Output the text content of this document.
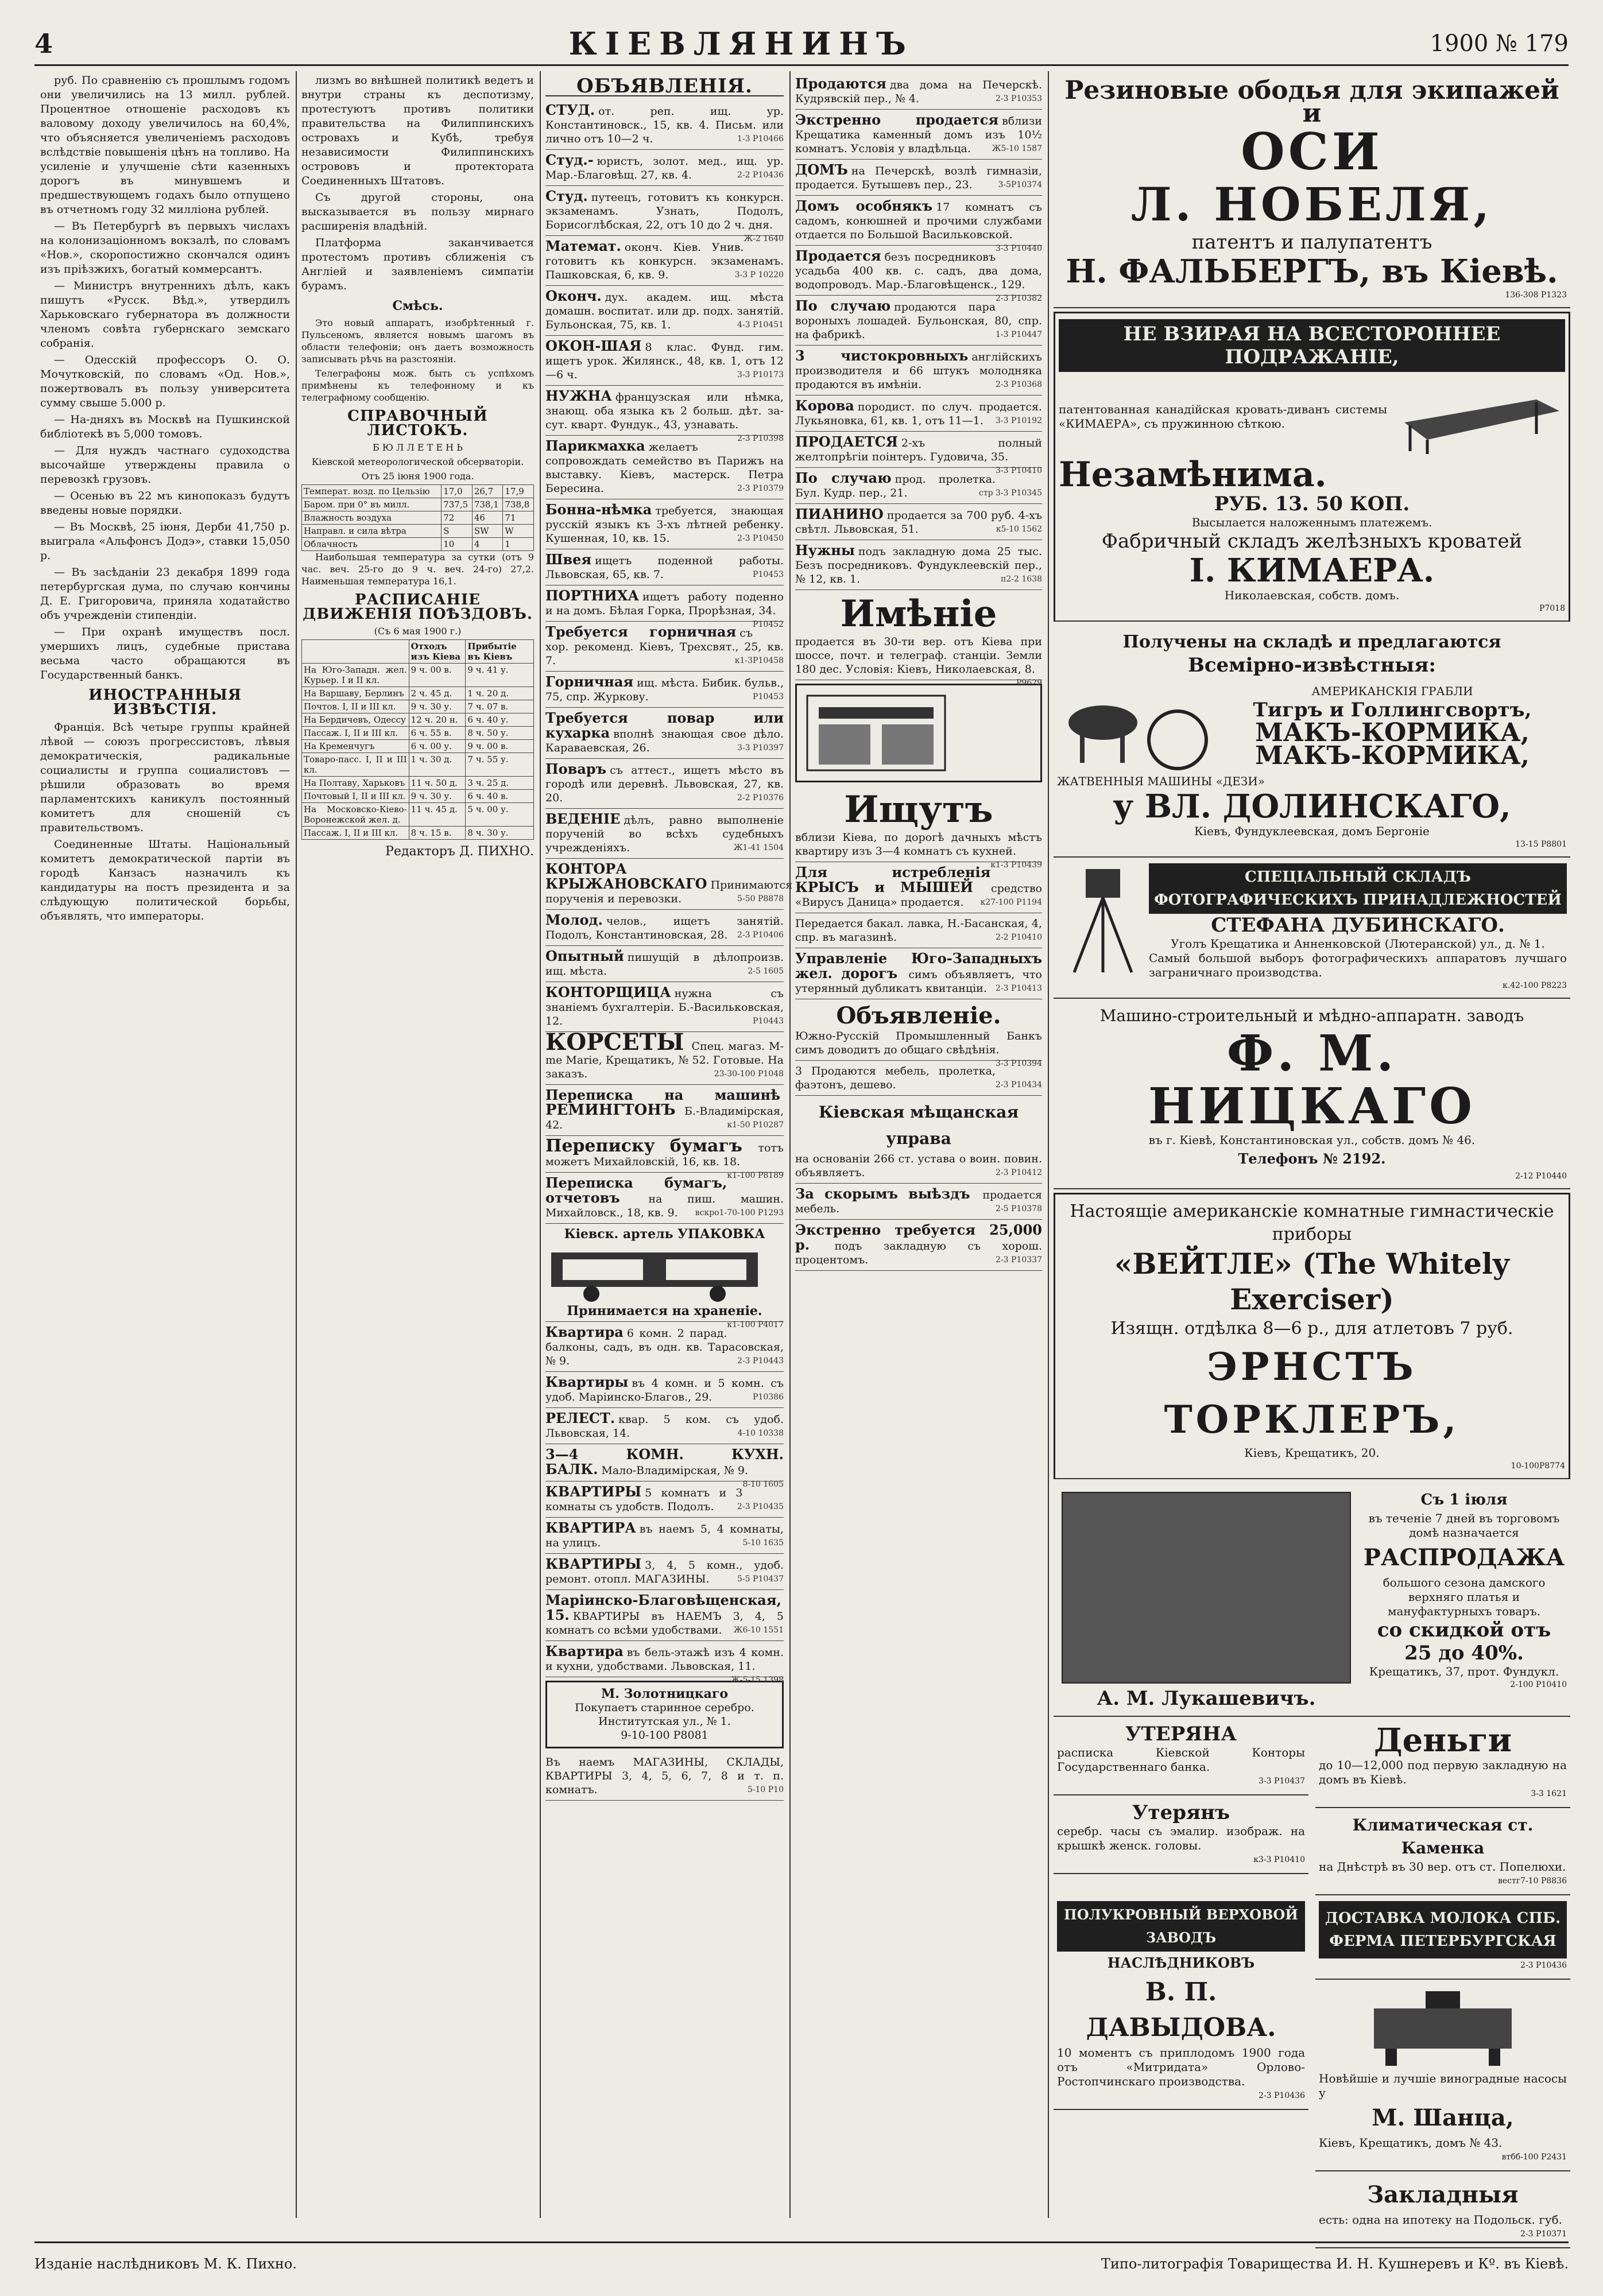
4	КІЕВЛЯНИНЪ	1900 № 179

руб. По сравненію съ прошлымъ годомъ они увеличились на 13 милл. рублей. Процентное отношеніе расходовъ къ валовому доходу увеличилось на 60,4%, что объясняется увеличеніемъ расходовъ вслѣдствіе повышенія цѣнъ на топливо. На усиленіе и улучшеніе сѣти казенныхъ дорогъ въ минувшемъ и предшествующемъ годахъ было отпущено въ отчетномъ году 32 милліона рублей.

— Въ Петербургѣ въ первыхъ числахъ на колонизаціонномъ вокзалѣ, по словамъ «Нов.», скоропостижно скончался одинъ изъ пріѣзжихъ, богатый коммерсантъ.

— Министръ внутреннихъ дѣлъ, какъ пишутъ «Русск. Вѣд.», утвердилъ Харьковскаго губернатора въ должности членомъ совѣта губернскаго земскаго собранія.

— Одесскій профессоръ О. О. Мочутковскій, по словамъ «Од. Нов.», пожертвовалъ въ пользу университета сумму свыше 5.000 р.

— На-дняхъ въ Москвѣ на Пушкинской библіотекѣ въ 5,000 томовъ.

— Для нуждъ частнаго судоходства высочайше утверждены правила о перевозкѣ грузовъ.

— Осенью въ 22 мъ кинопоказъ будутъ введены новые порядки.

— Въ Москвѣ, 25 іюня, Дерби 41,750 р. выиграла «Альфонсъ Додэ», ставки 15,050 р.

— Въ засѣданіи 23 декабря 1899 года петербургская дума, по случаю кончины Д. Е. Григоровича, приняла ходатайство объ учрежденіи стипендіи.

— При охранѣ имуществъ посл. умершихъ лицъ, судебные пристава весьма часто обращаются въ Государственный банкъ.

ИНОСТРАННЫЯ ИЗВѢСТІЯ.

Франція. Всѣ четыре группы крайней лѣвой — союзъ прогрессистовъ, лѣвыя демократическія, радикальные социалисты и группа социалистовъ — рѣшили образовать во время парламентскихъ каникулъ постоянный комитетъ для сношеній съ правительствомъ.

Соединенные Штаты. Національный комитетъ демократической партіи въ городѣ Канзасъ назначилъ къ кандидатуры на постъ президента и за слѣдующую политической борьбы, объявлять, что императоры.

лизмъ во внѣшней политикѣ ведетъ и внутри страны къ деспотизму, протестуютъ противъ политики правительства на Филиппинскихъ островахъ и Кубѣ, требуя независимости Филиппинскихъ острововъ и протектората Соединенныхъ Штатовъ.

Съ другой стороны, она высказывается въ пользу мирнаго расширенія владѣній.

Платформа заканчивается протестомъ противъ сближенія съ Англіей и заявленіемъ симпатіи бурамъ.

Смѣсь.

Это новый аппаратъ, изобрѣтенный г. Пульсеномъ, является новымъ шагомъ въ области телефоніи; онъ даетъ возможность записывать рѣчь на разстояніи.

Телеграфоны мож. быть съ успѣхомъ примѣнены къ телефонному и къ телеграфному сообщенію.

СПРАВОЧНЫЙ ЛИСТОКЪ.

Б Ю Л Л Е Т Е Н Ь

Кіевской метеорологической обсерваторіи.

Отъ 25 іюня 1900 года.

Температ. возд. по Цельзію	17,0	26,7	17,9
Баром. при 0° въ милл.	737,5	738,1	738,8
Влажность воздуха	72	46	71
Направл. и сила вѣтра	S	SW	W
Облачность	10	4	1

Наибольшая температура за сутки (отъ 9 час. веч. 25-го до 9 ч. веч. 24-го) 27,2. Наименьшая температура 16,1.

РАСПИСАНІЕ ДВИЖЕНІЯ ПОѢЗДОВЪ.

(Съ 6 мая 1900 г.)

	Отходъ изъ Кіева	Прибытіе въ Кіевъ
На Юго-Западн. жел. Курьер. I и II кл.	9 ч. 00 в.	9 ч. 41 у.
На Варшаву, Берлинъ	2 ч. 45 д.	1 ч. 20 д.
Почтов. I, II и III кл.	9 ч. 30 у.	7 ч. 07 в.
На Бердичевъ, Одессу	12 ч. 20 н.	6 ч. 40 у.
Пассаж. I, II и III кл.	6 ч. 55 в.	8 ч. 50 у.
На Кременчугъ	6 ч. 00 у.	9 ч. 00 в.
Товаро-пасс. I, II и III кл.	1 ч. 30 д.	7 ч. 55 у.
На Полтаву, Харьковъ	11 ч. 50 д.	3 ч. 25 д.
Почтовый I, II и III кл.	9 ч. 30 у.	6 ч. 40 в.
На Московско-Кіево-Воронежской жел. д.	11 ч. 45 д.	5 ч. 00 у.
Пассаж. I, II и III кл.	8 ч. 15 в.	8 ч. 30 у.
Редакторъ Д. ПИХНО.
ОБЪЯВЛЕНІЯ.
СТУД. от. реп. ищ. ур. Константиновск., 15, кв. 4. Письм. или лично отъ 10—2 ч.	1-3 Р10466
Студ.- юристъ, золот. мед., ищ. ур. Мар.-Благовѣщ. 27, кв. 4.	2-2 Р10436
Студ. путеецъ, готовитъ къ конкурсн. экзаменамъ. Узнать, Подолъ, Борисоглѣбская, 22, отъ 10 до 2 ч. дня.
Ж-2 1640
Математ. оконч. Кіев. Унив. готовитъ къ конкурсн. экзаменамъ. Пашковская, 6, кв. 9.	3-3 Р 10220
Оконч. дух. академ. ищ. мѣста домашн. воспитат. или др. подх. занятій. Бульонская, 75, кв. 1.	4-3 Р10451
ОКОН-ШАЯ 8 клас. Фунд. гим. ищетъ урок. Жилянск., 48, кв. 1, отъ 12—6 ч.	3-3 Р10173
НУЖНА французская или нѣмка, знающ. оба языка къ 2 больш. дѣт. за-сут. кварт. Фундук., 43, узнавать.
2-3 Р10398
Парикмахка желаетъ сопровождать семейство въ Парижъ на выставку. Кіевъ, мастерск. Петра Бересина.	2-3 Р10379
Бонна-нѣмка требуется, знающая русскій языкъ къ 3-хъ лѣтней ребенку. Кушенная, 10, кв. 15.	2-3 Р10450
Швея ищетъ поденной работы. Львовская, 65, кв. 7.	Р10453
ПОРТНИХА ищетъ работу поденно и на домъ. Бѣлая Горка, Прорѣзная, 34.
Р10452
Требуется горничная съ хор. рекоменд. Кіевъ, Трехсвят., 25, кв. 7.	к1-3Р10458
Горничная ищ. мѣста. Бибик. бульв., 75, спр. Журкову.	Р10453
Требуется повар или кухарка вполнѣ знающая свое дѣло. Караваевская, 26.	3-3 Р10397
Поваръ съ аттест., ищетъ мѣсто въ городѣ или деревнѣ. Львовская, 27, кв. 20.	2-2 Р10376
ВЕДЕНІЕ дѣлъ, равно выполненіе порученій во всѣхъ судебныхъ учрежденіяхъ.	Ж1-41 1504
КОНТОРА КРЫЖАНОВСКАГО Принимаются порученія и перевозки.	5-50 Р8878
Молод. челов., ищетъ занятій. Подолъ, Константиновская, 28. 2-3 Р10406
Опытный пишущій в дѣлопроизв. ищ. мѣста.	2-5 1605
КОНТОРЩИЦА нужна съ знаніемъ бухгалтеріи. Б.-Васильковская, 12.	Р10443
КОРСЕТЫ Спец. магаз. M-me Marie, Крещатикъ, № 52. Готовые. На заказъ.	23-30-100 Р1048
Переписка на машинѣ РЕМИНГТОНЪ Б.-Владимірская, 42.	к1-50 Р10287
Переписку бумагъ тотъ можетъ Михайловскій, 16, кв. 18.
к1-100 Р8189
Переписка бумагъ, отчетовъ	на пиш. машин. Михайловск., 18, кв. 9. вскро1-70-100 Р1293
Кіевск. артель УПАКОВКА
Принимается на храненіе.
к1-100 Р4017
Квартира 6 комн. 2 парад. балконы, садъ, въ одн. кв. Тарасовская, № 9.	2-3 Р10443
Квартиры въ 4 комн. и 5 комн. съ удоб. Маріинско-Благов., 29.	Р10386
РЕЛЕСТ. квар. 5 ком. съ удоб. Львовская, 14.	4-10 10338
3—4 КОМН. КУХН. БАЛК. Мало-Владимірская, № 9.
8-10 1605
КВАРТИРЫ 5 комнатъ и 3 комнаты съ удобств. Подолъ.	2-3 Р10435
КВАРТИРА въ наемъ 5, 4 комнаты, на улицъ.	5-10 1635
КВАРТИРЫ 3, 4, 5 комн., удоб. ремонт. отопл. МАГАЗИНЫ.	5-5 Р10437
Маріинско-Благовѣщенская, 15. КВАРТИРЫ въ НАЕМЪ 3, 4, 5 комнатъ со всѣми удобствами. Ж6-10 1551
Квартира въ бель-этажѣ изъ 4 комн. и кухни, удобствами. Львовская, 11.
Ж-5-15 1398
М. Золотницкаго
Покупаетъ старинное серебро. Институтская ул., № 1.
9-10-100 Р8081
Въ наемъ МАГАЗИНЫ, СКЛАДЫ, КВАРТИРЫ 3, 4, 5, 6, 7, 8 и т. п. комнатъ.	5-10 Р10
Продаются два дома на Печерскѣ. Кудрявскій пер., № 4.	2-3 Р10353
Экстренно продается вблизи Крещатика каменный домъ изъ 10½ комнатъ. Условія у владѣльца.	Ж5-10 1587
ДОМЪ на Печерскѣ, возлѣ гимназіи, продается. Бутышевъ пер., 23.	3-5Р10374
Домъ особнякъ 17 комнатъ съ садомъ, конюшней и прочими службами отдается по Большой Васильковской.
3-3 Р10440
Продается безъ посредниковъ усадьба 400 кв. с. садъ, два дома, водопроводъ. Мар.-Благовѣщенск., 129.
2-3 Р10382
По случаю продаются пара вороныхъ лошадей. Бульонская, 80, спр. на фабрикѣ.	1-3 Р10447
3 чистокровныхъ англійскихъ производителя и 66 штукъ молодняка продаются въ имѣніи.	2-3 Р10368
Корова породист. по случ. продается. Лукьяновка, 61, кв. 1, отъ 11—1. 3-3 Р10192
ПРОДАЕТСЯ 2-хъ полный желтопрѣгіи поінтеръ. Гудовича, 35.
3-3 Р10410
По случаю прод. пролетка. Бул. Кудр. пер., 21.	стр 3-3 Р10345
ПИАНИНО продается за 700 руб. 4-хъ свѣтл. Львовская, 51.	к5-10 1562
Нужны подъ закладную дома 25 тыс. Безъ посредниковъ. Фундуклеевскій пер., № 12, кв. 1.	п2-2 1638
Имѣніе
продается въ 30-ти вер. отъ Кіева при шоссе, почт. и телеграф. станціи. Земли 180 дес. Условія: Кіевъ, Николаевская, 8.
Р9629
Ищутъ
вблизи Кіева, по дорогѣ дачныхъ мѣстъ квартиру изъ 3—4 комнатъ съ кухней.
к1-3 Р10439
Для истребленія КРЫСЪ и МЫШЕЙ средство «Вирусъ Даница» продается. к27-100 Р1194
Передается бакал. лавка, Н.-Басанская, 4, спр. въ магазинѣ.	2-2 Р10410
Управленіе Юго-Западныхъ жел. дорогъ симъ объявляетъ, что утерянный дубликатъ квитанціи. 2-3 Р10413
Объявленіе.
Южно-Русскій Промышленный Банкъ симъ доводитъ до общаго свѣдѣнія.
3-3 Р10394
3 Продаются мебель, пролетка, фаэтонъ, дешево.	2-3 Р10434
Кіевская мѣщанская управа
на основаніи 266 ст. устава о воин. повин. объявляетъ.	2-3 Р10412
За скорымъ выѣздъ продается мебель.	2-5 Р10378
Экстренно требуется 25,000 р. подъ закладную съ хорош. процентомъ.	2-3 Р10337
Резиновые ободья для экипажей и
ОСИ
Л. НОБЕЛЯ,
патентъ и палупатентъ
Н. ФАЛЬБЕРГЪ, въ Кіевѣ.
136-308 Р1323
НЕ ВЗИРАЯ НА ВСЕСТОРОННЕЕ ПОДРАЖАНІЕ,
патентованная канадійская кровать-диванъ системы «КИМАЕРА», съ пружинною сѣткою.
Незамѣнима.
РУБ. 13. 50 КОП.
Высылается наложеннымъ платежемъ.
Фабричный складъ желѣзныхъ кроватей
I. КИМАЕРА.
Николаевская, собств. домъ.
Р7018
Получены на складѣ и предлагаются
Всемірно-извѣстныя:
АМЕРИКАНСКІЯ ГРАБЛИ
Тигръ и Голлингсвортъ,
МАКЪ-КОРМИКА,
МАКЪ-КОРМИКА,
ЖАТВЕННЫЯ МАШИНЫ «ДЕЗИ»
у ВЛ. ДОЛИНСКАГО,
Кіевъ, Фундуклеевская, домъ Бергоніе
13-15 Р8801
СПЕЦІАЛЬНЫЙ СКЛАДЪ ФОТОГРАФИЧЕСКИХЪ ПРИНАДЛЕЖНОСТЕЙ
СТЕФАНА ДУБИНСКАГО.
Уголъ Крещатика и Анненковской (Лютеранской) ул., д. № 1.
Самый большой выборъ фотографическихъ аппаратовъ лучшаго заграничнаго производства.
к.42-100 Р8223
Машино-строительный и мѣдно-аппаратн. заводъ
Ф. М. НИЦКАГО
въ г. Кіевѣ, Константиновская ул., собств. домъ № 46.
Телефонъ № 2192.
2-12 Р10440
Настоящіе американскіе комнатные гимнастическіе приборы
«ВЕЙТЛЕ» (The Whitely Exerciser)
Изящн. отдѣлка 8—6 р., для атлетовъ 7 руб.
ЭРНСТЪ ТОРКЛЕРЪ,
Кіевъ, Крещатикъ, 20.
10-100Р8774
А. М. Лукашевичъ.
Съ 1 іюля
въ теченіе 7 дней въ торговомъ домѣ назначается
РАСПРОДАЖА
большого сезона дамского верхняго платья и мануфактурныхъ товаръ.
со скидкой отъ 25 до 40%.
Крещатикъ, 37, прот. Фундукл.
2-100 Р10410
УТЕРЯНА
расписка Кіевской Конторы Государственнаго банка.
3-3 Р10437
Утерянъ
серебр. часы съ эмалир. изображ. на крышкѣ женск. головы.
к3-3 Р10410
Деньги
до 10—12,000 под первую закладную на домъ въ Кіевѣ.
3-3 1621
Климатическая ст. Каменка
на Днѣстрѣ въ 30 вер. отъ ст. Попелюхи.
вестг7-10 Р8836
ПОЛУКРОВНЫЙ ВЕРХОВОЙ ЗАВОДЪ
НАСЛѢДНИКОВЪ
В. П. ДАВЫДОВА.
10 моментъ съ приплодомъ 1900 года отъ «Митридата» Орлово-Ростопчинскаго производства.
2-3 Р10436
ДОСТАВКА МОЛОКА СПБ. ФЕРМА ПЕТЕРБУРГСКАЯ
2-3 Р10436
Новѣйшіе и лучшіе виноградные насосы у
М. Шанца,
Кіевъ, Крещатикъ, домъ № 43.
втбб-100 Р2431
Закладныя
есть: одна на ипотеку на Подольск. губ.
2-3 Р10371
Изданіе наслѣдниковъ М. К. Пихно.	Типо-литографія Товарищества И. Н. Кушнеревъ и Кº. въ Кіевѣ.
